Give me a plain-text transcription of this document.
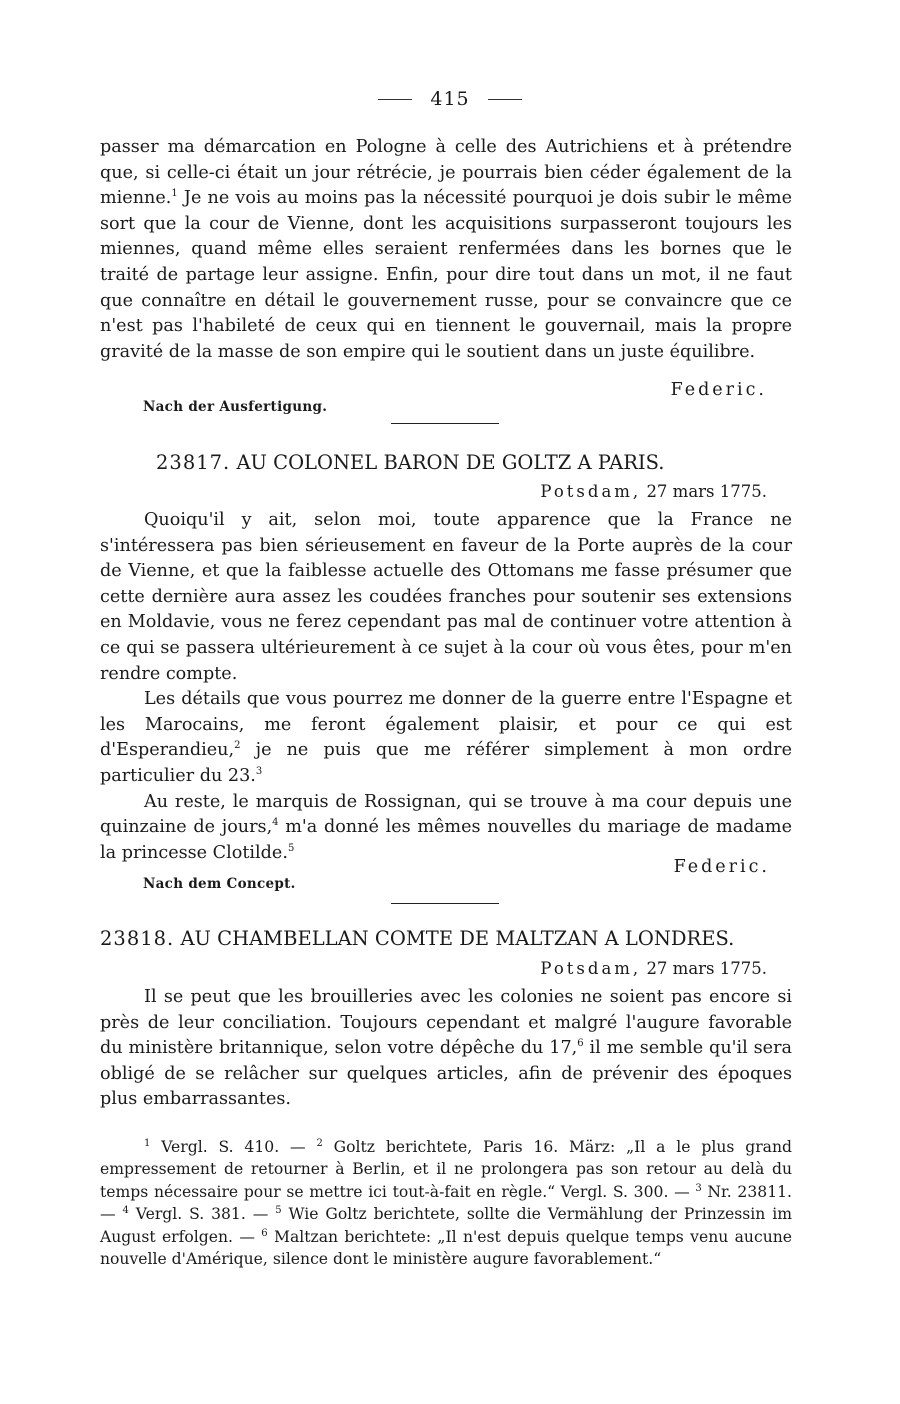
415

passer ma démarcation en Pologne à celle des Autrichiens et à prétendre que, si celle-ci était un jour rétrécie, je pourrais bien céder également de la mienne.$^1$ Je ne vois au moins pas la nécessité pourquoi je dois subir le même sort que la cour de Vienne, dont les acquisitions surpasseront toujours les miennes, quand même elles seraient renfermées dans les bornes que le traité de partage leur assigne. Enfin, pour dire tout dans un mot, il ne faut que connaître en détail le gouvernement russe, pour se convaincre que ce n'est pas l'habileté de ceux qui en tiennent le gouvernail, mais la propre gravité de la masse de son empire qui le soutient dans un juste équilibre.

Federic.
Nach der Ausfertigung.
23817. AU COLONEL BARON DE GOLTZ A PARIS.
Potsdam, 27 mars 1775.

Quoiqu'il y ait, selon moi, toute apparence que la France ne s'intéressera pas bien sérieusement en faveur de la Porte auprès de la cour de Vienne, et que la faiblesse actuelle des Ottomans me fasse présumer que cette dernière aura assez les coudées franches pour soutenir ses extensions en Moldavie, vous ne ferez cependant pas mal de continuer votre attention à ce qui se passera ultérieurement à ce sujet à la cour où vous êtes, pour m'en rendre compte.

Les détails que vous pourrez me donner de la guerre entre l'Espagne et les Marocains, me feront également plaisir, et pour ce qui est d'Esperandieu,$^2$ je ne puis que me référer simplement à mon ordre particulier du 23.$^3$

Au reste, le marquis de Rossignan, qui se trouve à ma cour depuis une quinzaine de jours,$^4$ m'a donné les mêmes nouvelles du mariage de madame la princesse Clotilde.$^5$

Federic.
Nach dem Concept.
23818. AU CHAMBELLAN COMTE DE MALTZAN A LONDRES.
Potsdam, 27 mars 1775.

Il se peut que les brouilleries avec les colonies ne soient pas encore si près de leur conciliation. Toujours cependant et malgré l'augure favorable du ministère britannique, selon votre dépêche du 17,$^6$ il me semble qu'il sera obligé de se relâcher sur quelques articles, afin de prévenir des époques plus embarrassantes.

$^1$ Vergl. S. 410. — $^2$ Goltz berichtete, Paris 16. März: „Il a le plus grand empressement de retourner à Berlin, et il ne prolongera pas son retour au delà du temps nécessaire pour se mettre ici tout-à-fait en règle.“ Vergl. S. 300. — $^3$ Nr. 23811. — $^4$ Vergl. S. 381. — $^5$ Wie Goltz berichtete, sollte die Vermählung der Prinzessin im August erfolgen. — $^6$ Maltzan berichtete: „Il n'est depuis quelque temps venu aucune nouvelle d'Amérique, silence dont le ministère augure favorablement.“
